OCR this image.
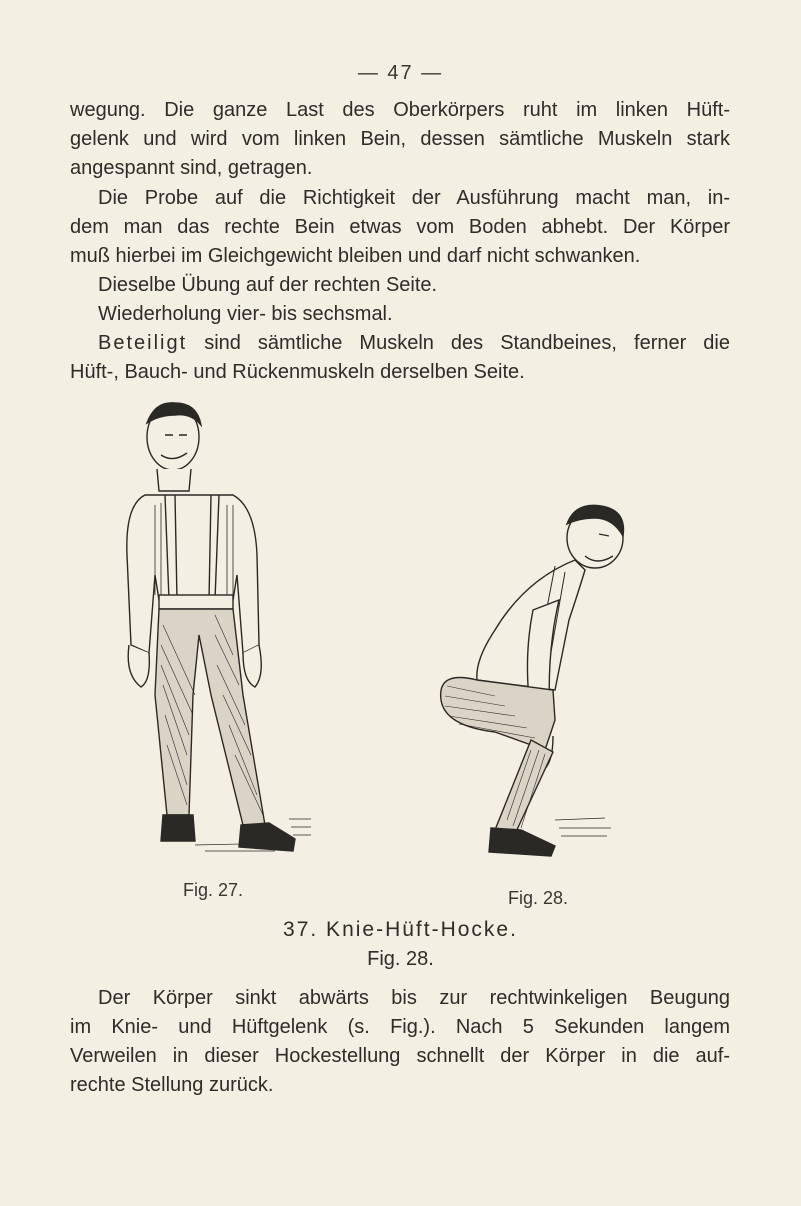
— 47 —
wegung. Die ganze Last des Oberkörpers ruht im linken Hüft-
gelenk und wird vom linken Bein, dessen sämtliche Muskeln stark
angespannt sind, getragen.
Die Probe auf die Richtigkeit der Ausführung macht man, in-
dem man das rechte Bein etwas vom Boden abhebt. Der Körper
muß hierbei im Gleichgewicht bleiben und darf nicht schwanken.
Dieselbe Übung auf der rechten Seite.
Wiederholung vier- bis sechsmal.
Beteiligt sind sämtliche Muskeln des Standbeines, ferner die
Hüft-, Bauch- und Rückenmuskeln derselben Seite.
Fig. 27.	Fig. 28.
37. Knie-Hüft-Hocke.
Fig. 28.
Der Körper sinkt abwärts bis zur rechtwinkeligen Beugung
im Knie- und Hüftgelenk (s. Fig.). Nach 5 Sekunden langem
Verweilen in dieser Hockestellung schnellt der Körper in die auf-
rechte Stellung zurück.
